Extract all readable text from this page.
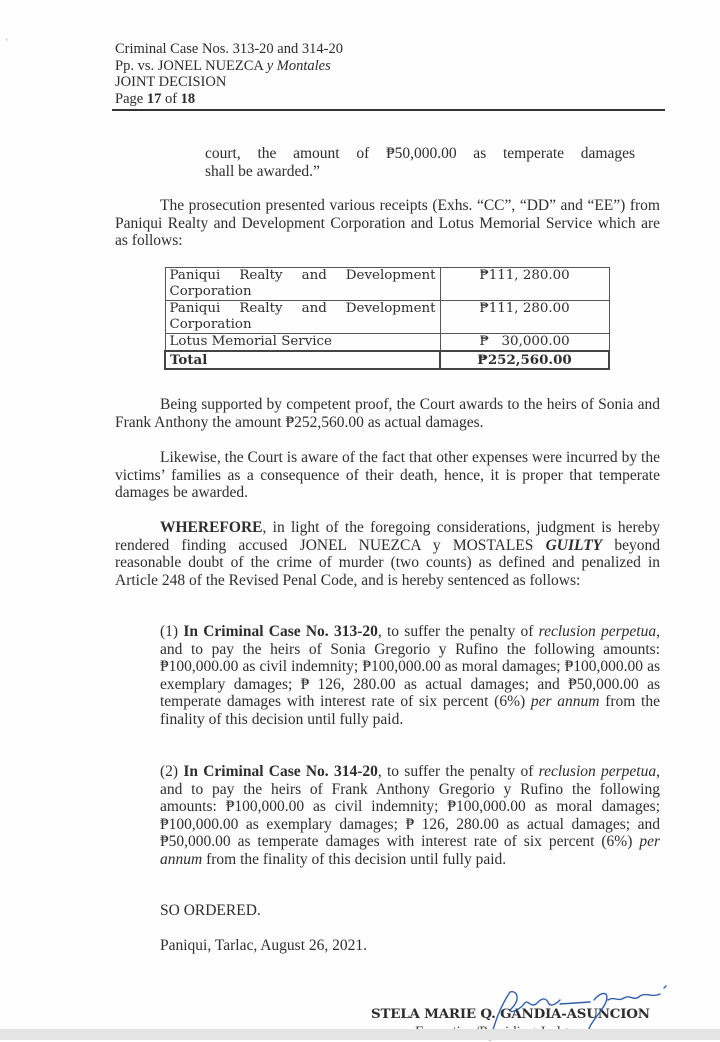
Criminal Case Nos. 313-20 and 314-20
Pp. vs. JONEL NUEZCA y Montales
JOINT DECISION
Page 17 of 18
court, the amount of ₱50,000.00 as temperate damages
shall be awarded.”
The prosecution presented various receipts (Exhs. “CC”, “DD” and “EE”) from Paniqui Realty and Development Corporation and Lotus Memorial Service which are as follows:
Paniqui Realty and Development Corporation	₱111, 280.00
Paniqui Realty and Development Corporation	₱111, 280.00
Lotus Memorial Service	₱   30,000.00
Total	₱252,560.00
Being supported by competent proof, the Court awards to the heirs of Sonia and Frank Anthony the amount ₱252,560.00 as actual damages.
Likewise, the Court is aware of the fact that other expenses were incurred by the victims’ families as a consequence of their death, hence, it is proper that temperate damages be awarded.
WHEREFORE, in light of the foregoing considerations, judgment is hereby rendered finding accused JONEL NUEZCA y MOSTALES GUILTY beyond reasonable doubt of the crime of murder (two counts) as defined and penalized in Article 248 of the Revised Penal Code, and is hereby sentenced as follows:
(1) In Criminal Case No. 313-20, to suffer the penalty of reclusion perpetua, and to pay the heirs of Sonia Gregorio y Rufino the following amounts: ₱100,000.00 as civil indemnity; ₱100,000.00 as moral damages; ₱100,000.00 as exemplary damages; ₱ 126, 280.00 as actual damages; and ₱50,000.00 as temperate damages with interest rate of six percent (6%) per annum from the finality of this decision until fully paid.
(2) In Criminal Case No. 314-20, to suffer the penalty of reclusion perpetua, and to pay the heirs of Frank Anthony Gregorio y Rufino the following amounts: ₱100,000.00 as civil indemnity; ₱100,000.00 as moral damages; ₱100,000.00 as exemplary damages; ₱ 126, 280.00 as actual damages; and ₱50,000.00 as temperate damages with interest rate of six percent (6%) per annum from the finality of this decision until fully paid.
SO ORDERED.
Paniqui, Tarlac, August 26, 2021.
STELA MARIE Q. GANDIA-ASUNCION
